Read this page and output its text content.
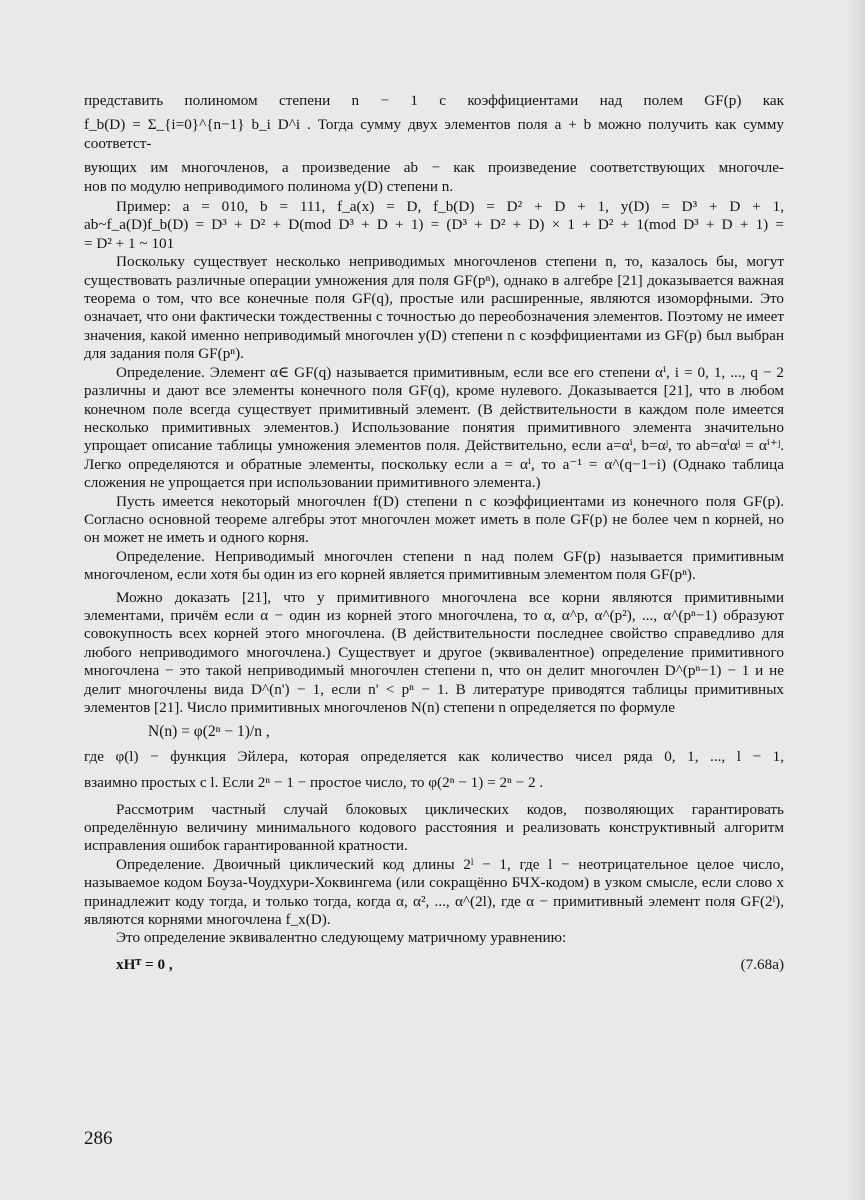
представить полиномом степени n − 1 с коэффициентами над полем GF(p) как

f_b(D) = Σ_{i=0}^{n−1} b_i D^i . Тогда сумму двух элементов поля a + b можно получить как сумму соответст-

вующих им многочленов, а произведение ab − как произведение соответствующих многочле-

нов по модулю неприводимого полинома y(D) степени n.

Пример: a = 010, b = 111, f_a(x) = D, f_b(D) = D² + D + 1, y(D) = D³ + D + 1,

ab~f_a(D)f_b(D) = D³ + D² + D(mod D³ + D + 1) = (D³ + D² + D) × 1 + D² + 1(mod D³ + D + 1) =

= D² + 1 ~ 101

Поскольку существует несколько неприводимых многочленов степени n, то, казалось бы, могут существовать различные операции умножения для поля GF(pⁿ), однако в алгебре [21] доказывается важная теорема о том, что все конечные поля GF(q), простые или расширенные, являются изоморфными. Это означает, что они фактически тождественны с точностью до переобозначения элементов. Поэтому не имеет значения, какой именно неприводимый многочлен y(D) степени n с коэффициентами из GF(p) был выбран для задания поля GF(pⁿ).

Определение. Элемент α∈ GF(q) называется примитивным, если все его степени αⁱ, i = 0, 1, ..., q − 2 различны и дают все элементы конечного поля GF(q), кроме нулевого. Доказывается [21], что в любом конечном поле всегда существует примитивный элемент. (В действительности в каждом поле имеется несколько примитивных элементов.) Использование понятия примитивного элемента значительно упрощает описание таблицы умножения элементов поля. Действительно, если a=αⁱ, b=αʲ, то ab=αⁱαʲ = αⁱ⁺ʲ. Легко определяются и обратные элементы, поскольку если a = αⁱ, то a⁻¹ = α^(q−1−i) (Однако таблица сложения не упрощается при использовании примитивного элемента.)

Пусть имеется некоторый многочлен f(D) степени n с коэффициентами из конечного поля GF(p). Согласно основной теореме алгебры этот многочлен может иметь в поле GF(p) не более чем n корней, но он может не иметь и одного корня.

Определение. Неприводимый многочлен степени n над полем GF(p) называется примитивным многочленом, если хотя бы один из его корней является примитивным элементом поля GF(pⁿ).

Можно доказать [21], что у примитивного многочлена все корни являются примитивными элементами, причём если α − один из корней этого многочлена, то α, α^p, α^(p²), ..., α^(pⁿ−1) образуют совокупность всех корней этого многочлена. (В действительности последнее свойство справедливо для любого неприводимого многочлена.) Существует и другое (эквивалентное) определение примитивного многочлена − это такой неприводимый многочлен степени n, что он делит многочлен D^(pⁿ−1) − 1 и не делит многочлены вида D^(n') − 1, если n' < pⁿ − 1. В литературе приводятся таблицы примитивных элементов [21]. Число примитивных многочленов N(n) степени n определяется по формуле

N(n) = φ(2ⁿ − 1)/n ,

где φ(l) − функция Эйлера, которая определяется как количество чисел ряда 0, 1, ..., l − 1,

взаимно простых с l. Если 2ⁿ − 1 − простое число, то φ(2ⁿ − 1) = 2ⁿ − 2 .

Рассмотрим частный случай блоковых циклических кодов, позволяющих гарантировать определённую величину минимального кодового расстояния и реализовать конструктивный алгоритм исправления ошибок гарантированной кратности.

Определение. Двоичный циклический код длины 2ˡ − 1, где l − неотрицательное целое число, называемое кодом Боуза-Чоудхури-Хоквингема (или сокращённо БЧХ-кодом) в узком смысле, если слово x принадлежит коду тогда, и только тогда, когда α, α², ..., α^(2l), где α − примитивный элемент поля GF(2ˡ), являются корнями многочлена f_x(D).

Это определение эквивалентно следующему матричному уравнению:

xHᵀ = 0 ,	(7.68a)

286
